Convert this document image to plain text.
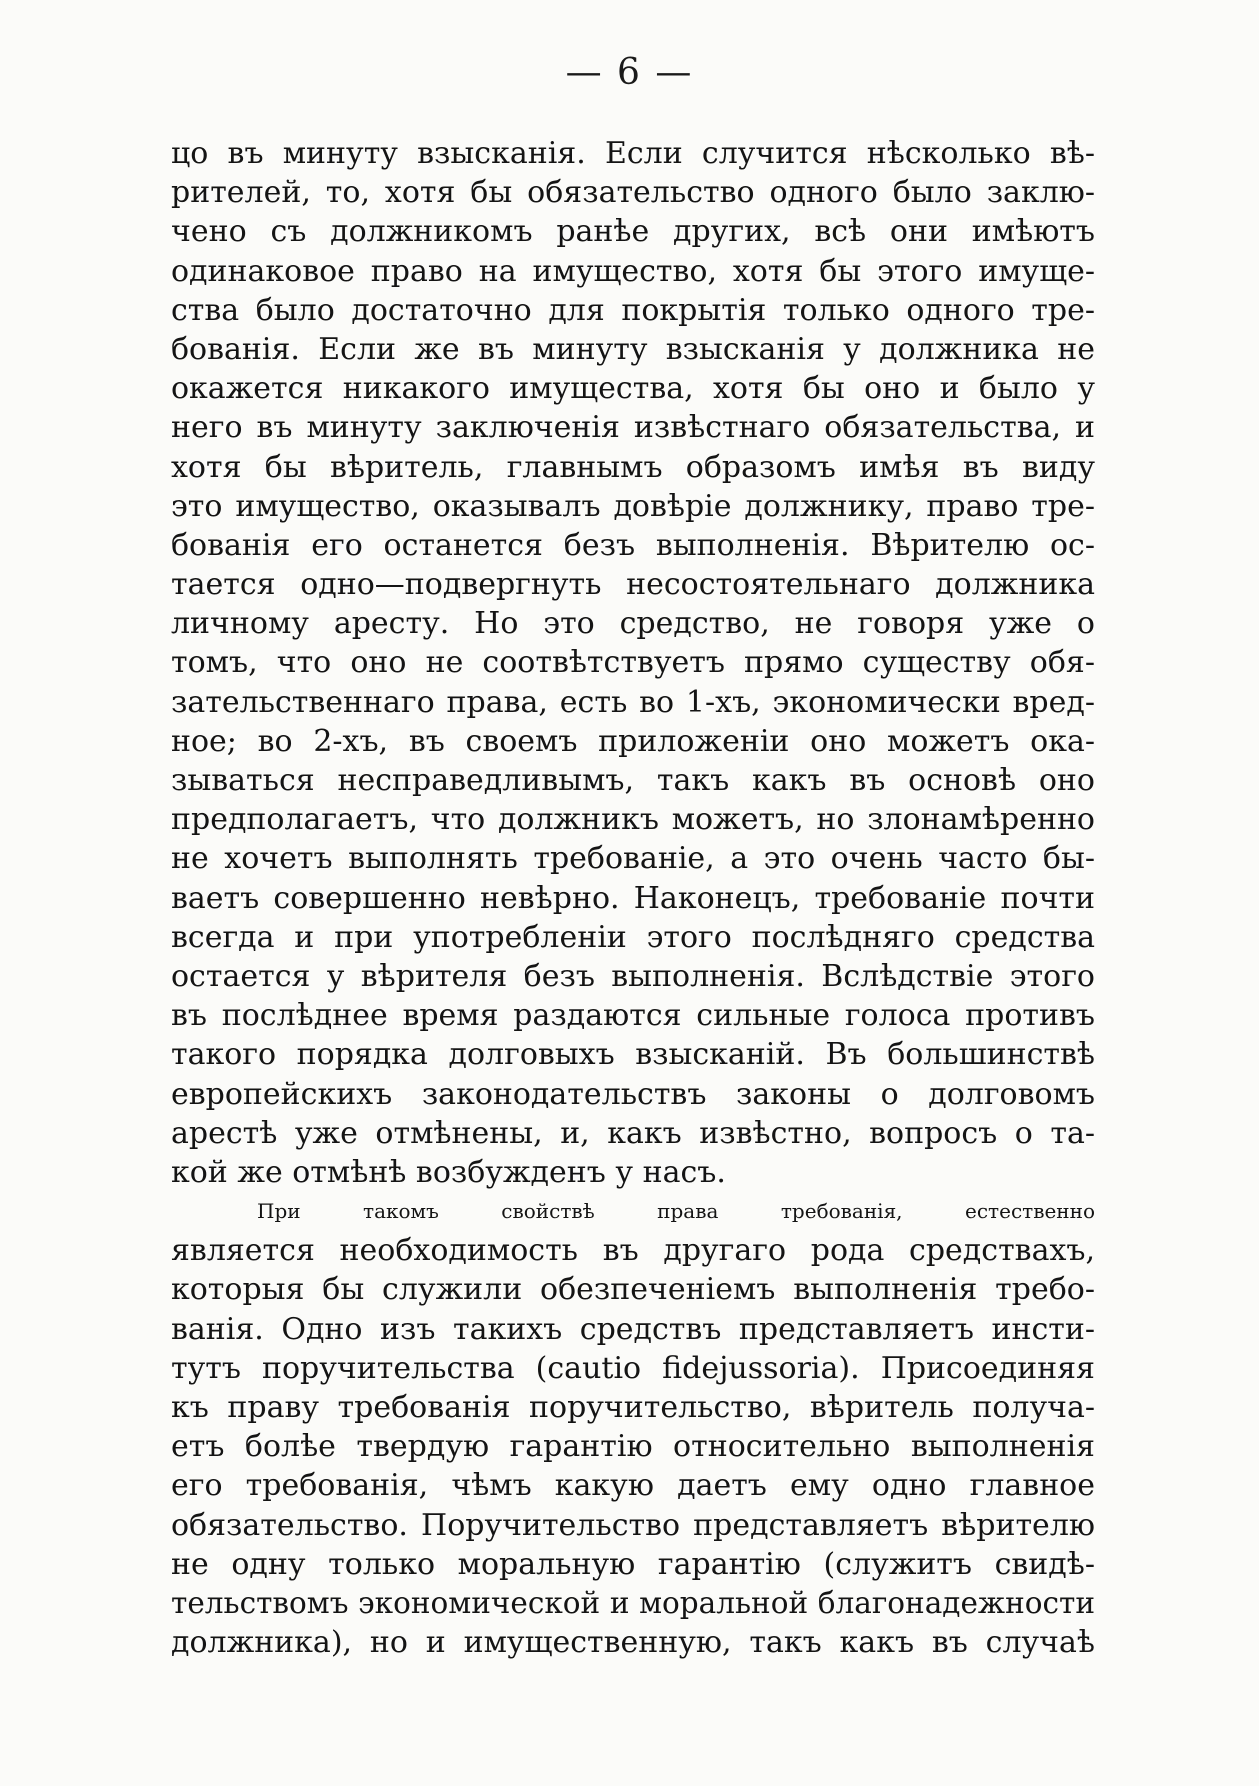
— 6 —
цо въ минуту взысканія. Если случится нѣсколько вѣ-
рителей, то, хотя бы обязательство одного было заклю-
чено съ должникомъ ранѣе других, всѣ они имѣютъ
одинаковое право на имущество, хотя бы этого имуще-
ства было достаточно для покрытія только одного тре-
бованія. Если же въ минуту взысканія у должника не
окажется никакого имущества, хотя бы оно и было у
него въ минуту заключенія извѣстнаго обязательства, и
хотя бы вѣритель, главнымъ образомъ имѣя въ виду
это имущество, оказывалъ довѣріе должнику, право тре-
бованія его останется безъ выполненія. Вѣрителю ос-
тается одно—подвергнуть несостоятельнаго должника
личному аресту. Но это средство, не говоря уже о
томъ, что оно не соотвѣтствуетъ прямо существу обя-
зательственнаго права, есть во 1-хъ, экономически вред-
ное; во 2-хъ, въ своемъ приложеніи оно можетъ ока-
зываться несправедливымъ, такъ какъ въ основѣ оно
предполагаетъ, что должникъ можетъ, но злонамѣренно
не хочетъ выполнять требованіе, а это очень часто бы-
ваетъ совершенно невѣрно. Наконецъ, требованіе почти
всегда и при употребленіи этого послѣдняго средства
остается у вѣрителя безъ выполненія. Вслѣдствіе этого
въ послѣднее время раздаются сильные голоса противъ
такого порядка долговыхъ взысканій. Въ большинствѣ
европейскихъ законодательствъ законы о долговомъ
арестѣ уже отмѣнены, и, какъ извѣстно, вопросъ о та-
кой же отмѣнѣ возбужденъ у насъ.
При такомъ свойствѣ права требованія, естественно
является необходимость въ другаго рода средствахъ,
которыя бы служили обезпеченіемъ выполненія требо-
ванія. Одно изъ такихъ средствъ представляетъ инсти-
тутъ поручительства (cautio fidejussoria). Присоединяя
къ праву требованія поручительство, вѣритель получа-
етъ болѣе твердую гарантію относительно выполненія
его требованія, чѣмъ какую даетъ ему одно главное
обязательство. Поручительство представляетъ вѣрителю
не одну только моральную гарантію (служитъ свидѣ-
тельствомъ экономической и моральной благонадежности
должника), но и имущественную, такъ какъ въ случаѣ
